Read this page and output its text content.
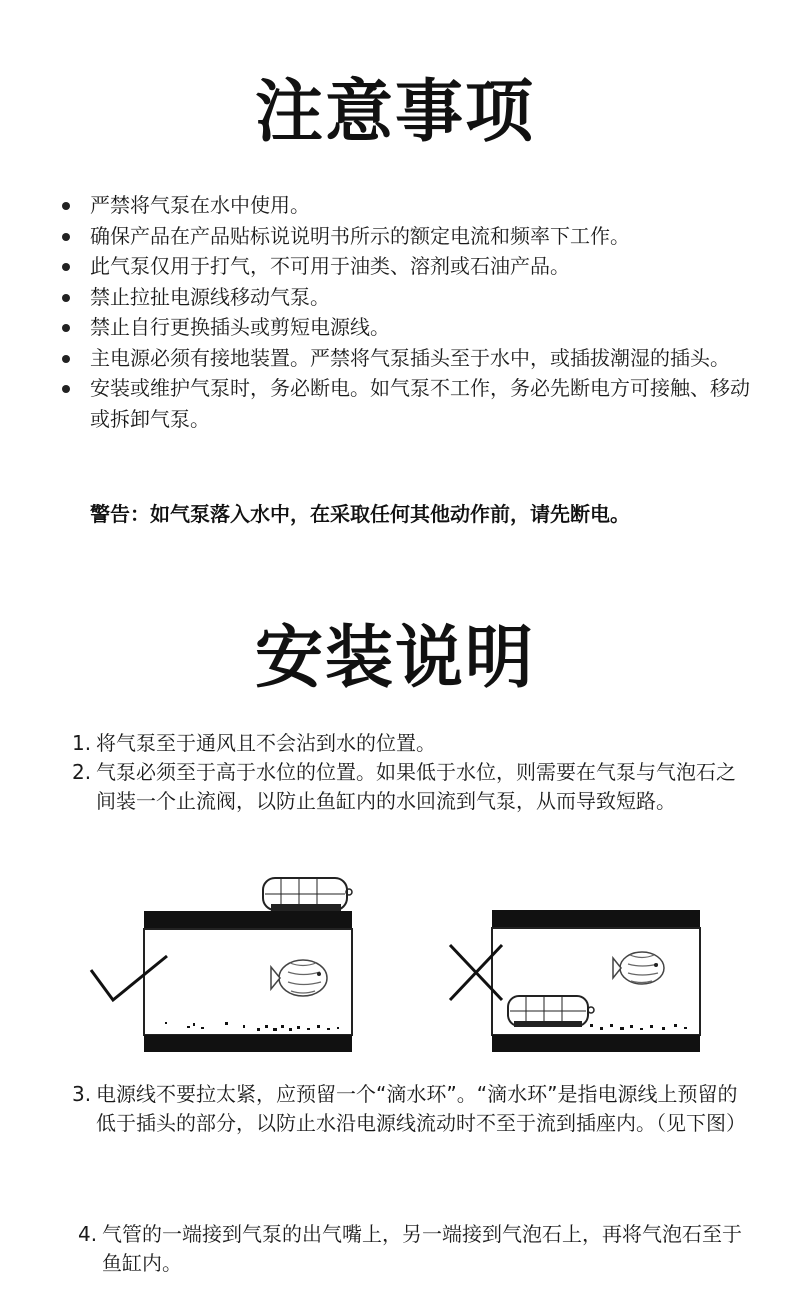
注意事项
严禁将气泵在水中使用。
确保产品在产品贴标说说明书所示的额定电流和频率下工作。
此气泵仅用于打气，不可用于油类、溶剂或石油产品。
禁止拉扯电源线移动气泵。
禁止自行更换插头或剪短电源线。
主电源必须有接地装置。严禁将气泵插头至于水中，或插拔潮湿的插头。
安装或维护气泵时，务必断电。如气泵不工作，务必先断电方可接触、移动或拆卸气泵。
警告：如气泵落入水中，在采取任何其他动作前，请先断电。
安装说明
1. 将气泵至于通风且不会沾到水的位置。
2. 气泵必须至于高于水位的位置。如果低于水位，则需要在气泵与气泡石之间装一个止流阀，以防止鱼缸内的水回流到气泵，从而导致短路。
3. 电源线不要拉太紧，应预留一个“滴水环”。“滴水环”是指电源线上预留的低于插头的部分，以防止水沿电源线流动时不至于流到插座内。（见下图）
4. 气管的一端接到气泵的出气嘴上，另一端接到气泡石上，再将气泡石至于鱼缸内。
